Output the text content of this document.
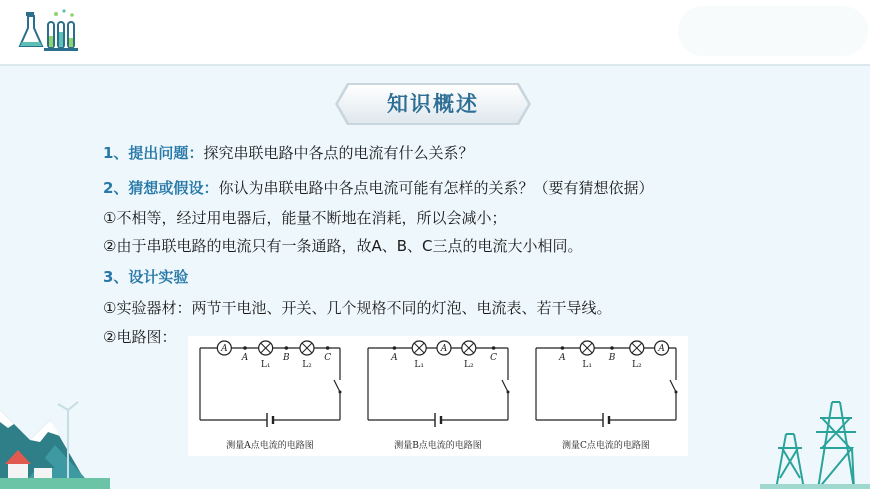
知识概述
1、提出问题：探究串联电路中各点的电流有什么关系？
2、猜想或假设：你认为串联电路中各点电流可能有怎样的关系？（要有猜想依据）
①不相等，经过用电器后，能量不断地在消耗，所以会减小；
②由于串联电路的电流只有一条通路，故A、B、C三点的电流大小相同。
3、设计实验
①实验器材：两节干电池、开关、几个规格不同的灯泡、电流表、若干导线。
②电路图：
A
A
L₁
B
L₂
C
测量A点电流的电路图
A
L₁
A
L₂
C
测量B点电流的电路图
A
L₁
B
L₂
A
测量C点电流的电路图
